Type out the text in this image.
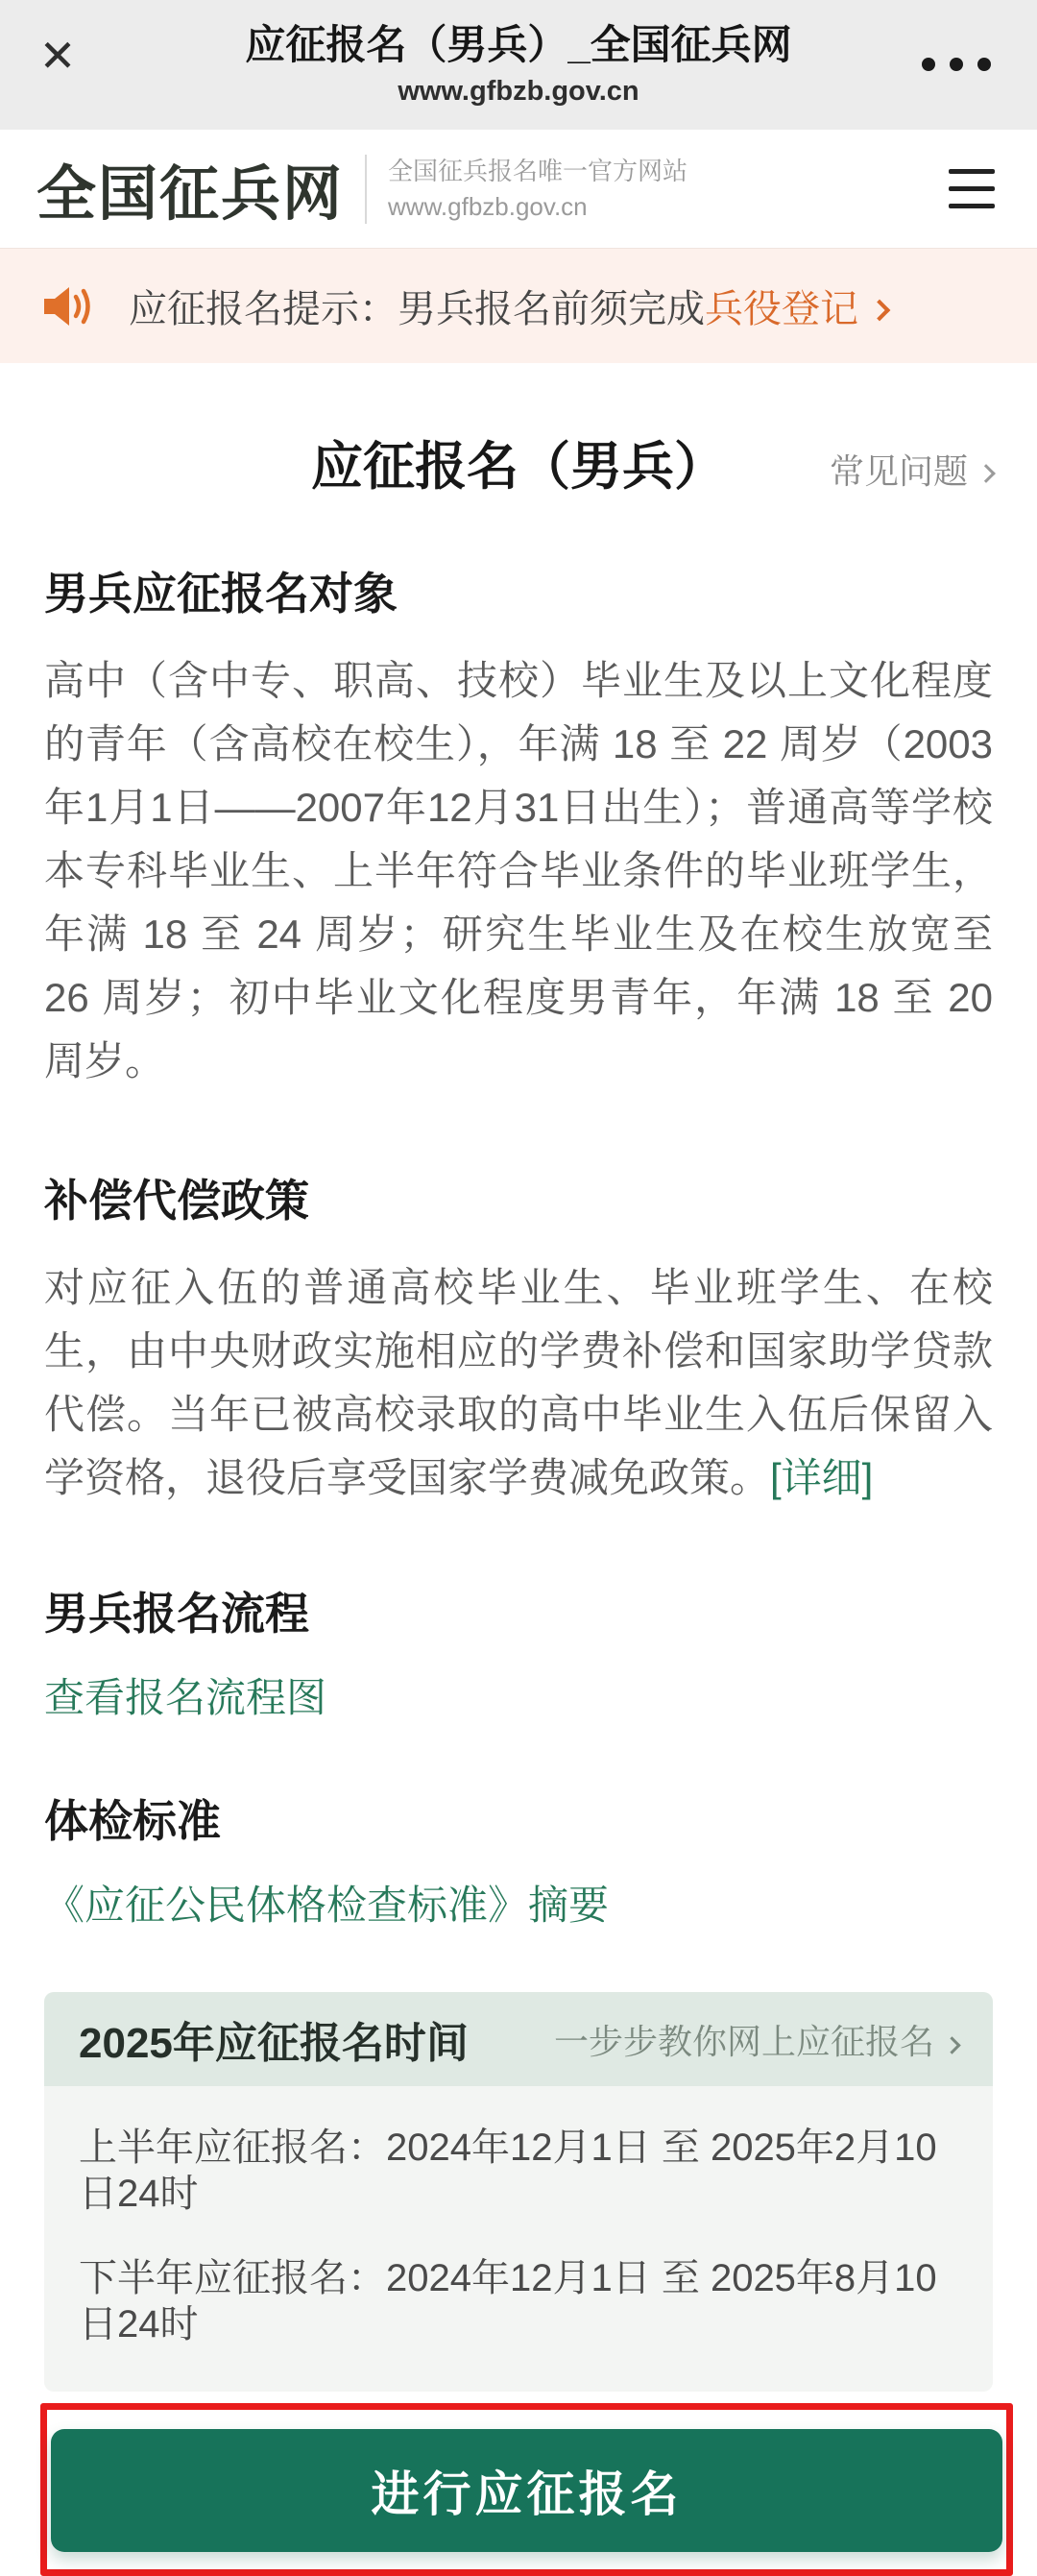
✕	应征报名（男兵）_全国征兵网
www.gfbzb.gov.cn
全国征兵网 全国征兵报名唯一官方网站
www.gfbzb.gov.cn
应征报名提示：男兵报名前须完成兵役登记
应征报名（男兵）	常见问题
男兵应征报名对象

高中（含中专、职高、技校）毕业生及以上文化程度的青年（含高校在校生），年满 18 至 22 周岁（2003年1月1日——2007年12月31日出生）；普通高等学校本专科毕业生、上半年符合毕业条件的毕业班学生，年满 18 至 24 周岁；研究生毕业生及在校生放宽至 26 周岁；初中毕业文化程度男青年，年满 18 至 20 周岁。

补偿代偿政策

对应征入伍的普通高校毕业生、毕业班学生、在校生，由中央财政实施相应的学费补偿和国家助学贷款代偿。当年已被高校录取的高中毕业生入伍后保留入学资格，退役后享受国家学费减免政策。[详细]

男兵报名流程
查看报名流程图
体检标准
《应征公民体格检查标准》摘要
2025年应征报名时间 一步步教你网上应征报名
上半年应征报名：2024年12月1日 至 2025年2月10日24时
下半年应征报名：2024年12月1日 至 2025年8月10日24时
进行应征报名
